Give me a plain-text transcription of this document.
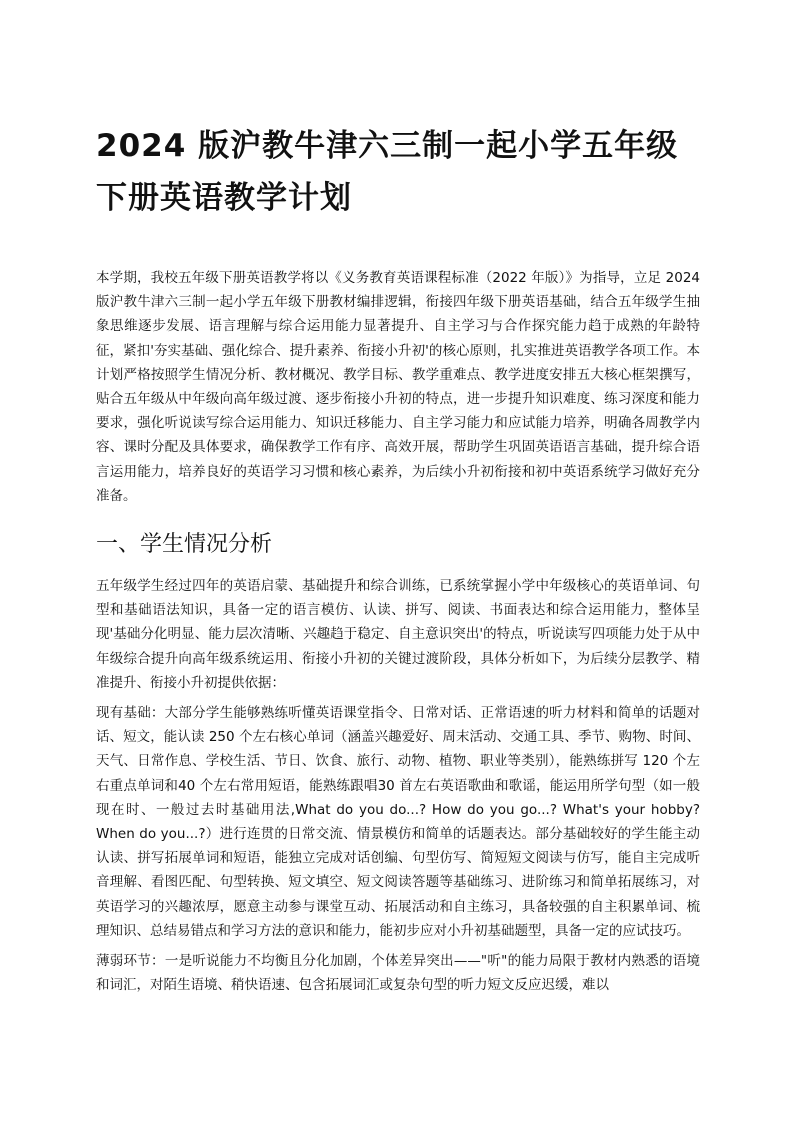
2024 版沪教牛津六三制一起小学五年级下册英语教学计划

本学期，我校五年级下册英语教学将以《义务教育英语课程标准（2022 年版）》为指导，立足 2024 版沪教牛津六三制一起小学五年级下册教材编排逻辑，衔接四年级下册英语基础，结合五年级学生抽象思维逐步发展、语言理解与综合运用能力显著提升、自主学习与合作探究能力趋于成熟的年龄特征，紧扣'夯实基础、强化综合、提升素养、衔接小升初'的核心原则，扎实推进英语教学各项工作。本计划严格按照学生情况分析、教材概况、教学目标、教学重难点、教学进度安排五大核心框架撰写，贴合五年级从中年级向高年级过渡、逐步衔接小升初的特点，进一步提升知识难度、练习深度和能力要求，强化听说读写综合运用能力、知识迁移能力、自主学习能力和应试能力培养，明确各周教学内容、课时分配及具体要求，确保教学工作有序、高效开展，帮助学生巩固英语语言基础，提升综合语言运用能力，培养良好的英语学习习惯和核心素养，为后续小升初衔接和初中英语系统学习做好充分准备。

一、学生情况分析

五年级学生经过四年的英语启蒙、基础提升和综合训练，已系统掌握小学中年级核心的英语单词、句型和基础语法知识，具备一定的语言模仿、认读、拼写、阅读、书面表达和综合运用能力，整体呈现'基础分化明显、能力层次清晰、兴趣趋于稳定、自主意识突出'的特点，听说读写四项能力处于从中年级综合提升向高年级系统运用、衔接小升初的关键过渡阶段，具体分析如下，为后续分层教学、精准提升、衔接小升初提供依据：

现有基础：大部分学生能够熟练听懂英语课堂指令、日常对话、正常语速的听力材料和简单的话题对话、短文，能认读 250 个左右核心单词（涵盖兴趣爱好、周末活动、交通工具、季节、购物、时间、天气、日常作息、学校生活、节日、饮食、旅行、动物、植物、职业等类别），能熟练拼写 120 个左右重点单词和40 个左右常用短语，能熟练跟唱30 首左右英语歌曲和歌谣，能运用所学句型（如一般现在时、一般过去时基础用法,What do you do...? How do you go...? What's your hobby? When do you...?）进行连贯的日常交流、情景模仿和简单的话题表达。部分基础较好的学生能主动认读、拼写拓展单词和短语，能独立完成对话创编、句型仿写、简短短文阅读与仿写，能自主完成听音理解、看图匹配、句型转换、短文填空、短文阅读答题等基础练习、进阶练习和简单拓展练习，对英语学习的兴趣浓厚，愿意主动参与课堂互动、拓展活动和自主练习，具备较强的自主积累单词、梳理知识、总结易错点和学习方法的意识和能力，能初步应对小升初基础题型，具备一定的应试技巧。

薄弱环节：一是听说能力不均衡且分化加剧，个体差异突出——"听"的能力局限于教材内熟悉的语境和词汇，对陌生语境、稍快语速、包含拓展词汇或复杂句型的听力短文反应迟缓，难以
